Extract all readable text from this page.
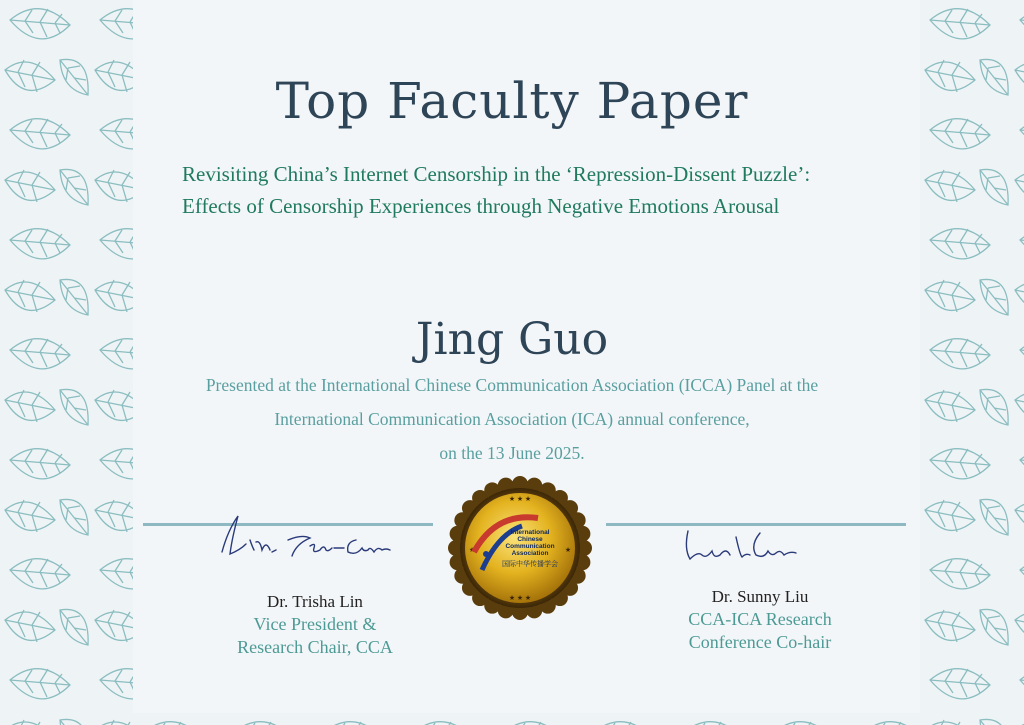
Top Faculty Paper
Revisiting China’s Internet Censorship in the ‘Repression-Dissent Puzzle’: Effects of Censorship Experiences through Negative Emotions Arousal
Jing Guo
Presented at the International Chinese Communication Association (ICCA) Panel at the
International Communication Association (ICA) annual conference,
on the 13 June 2025.
★ ★ ★
★ ★ ★
★	★
International
Chinese
Communication
Association
国际中华传播学会
Dr. Trisha Lin
Vice President &
Research Chair, CCA
Dr. Sunny Liu
CCA-ICA Research
Conference Co-hair
